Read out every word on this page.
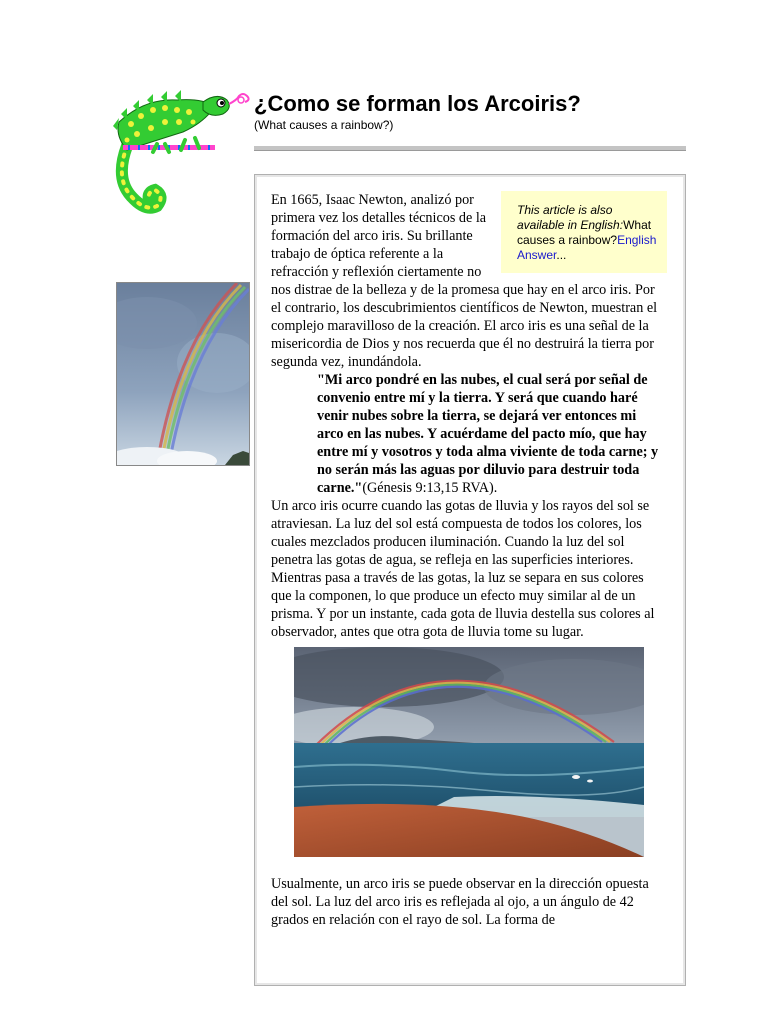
¿Como se forman los Arcoiris?
(What causes a rainbow?)
This article is also available in English:What causes a rainbow?English Answer...

En 1665, Isaac Newton, analizó por primera vez los detalles técnicos de la formación del arco iris. Su brillante trabajo de óptica referente a la refracción y reflexión ciertamente no nos distrae de la belleza y de la promesa que hay en el arco iris. Por el contrario, los descubrimientos científicos de Newton, muestran el complejo maravilloso de la creación. El arco iris es una señal de la misericordia de Dios y nos recuerda que él no destruirá la tierra por segunda vez, inundándola.

"Mi arco pondré en las nubes, el cual será por señal de convenio entre mí y la tierra. Y será que cuando haré venir nubes sobre la tierra, se dejará ver entonces mi arco en las nubes. Y acuérdame del pacto mío, que hay entre mí y vosotros y toda alma viviente de toda carne; y no serán más las aguas por diluvio para destruir toda carne."(Génesis 9:13,15 RVA).

Un arco iris ocurre cuando las gotas de lluvia y los rayos del sol se atraviesan. La luz del sol está compuesta de todos los colores, los cuales mezclados producen iluminación. Cuando la luz del sol penetra las gotas de agua, se refleja en las superficies interiores. Mientras pasa a través de las gotas, la luz se separa en sus colores que la componen, lo que produce un efecto muy similar al de un prisma. Y por un instante, cada gota de lluvia destella sus colores al observador, antes que otra gota de lluvia tome su lugar.

Usualmente, un arco iris se puede observar en la dirección opuesta del sol. La luz del arco iris es reflejada al ojo, a un ángulo de 42 grados en relación con el rayo de sol. La forma de
